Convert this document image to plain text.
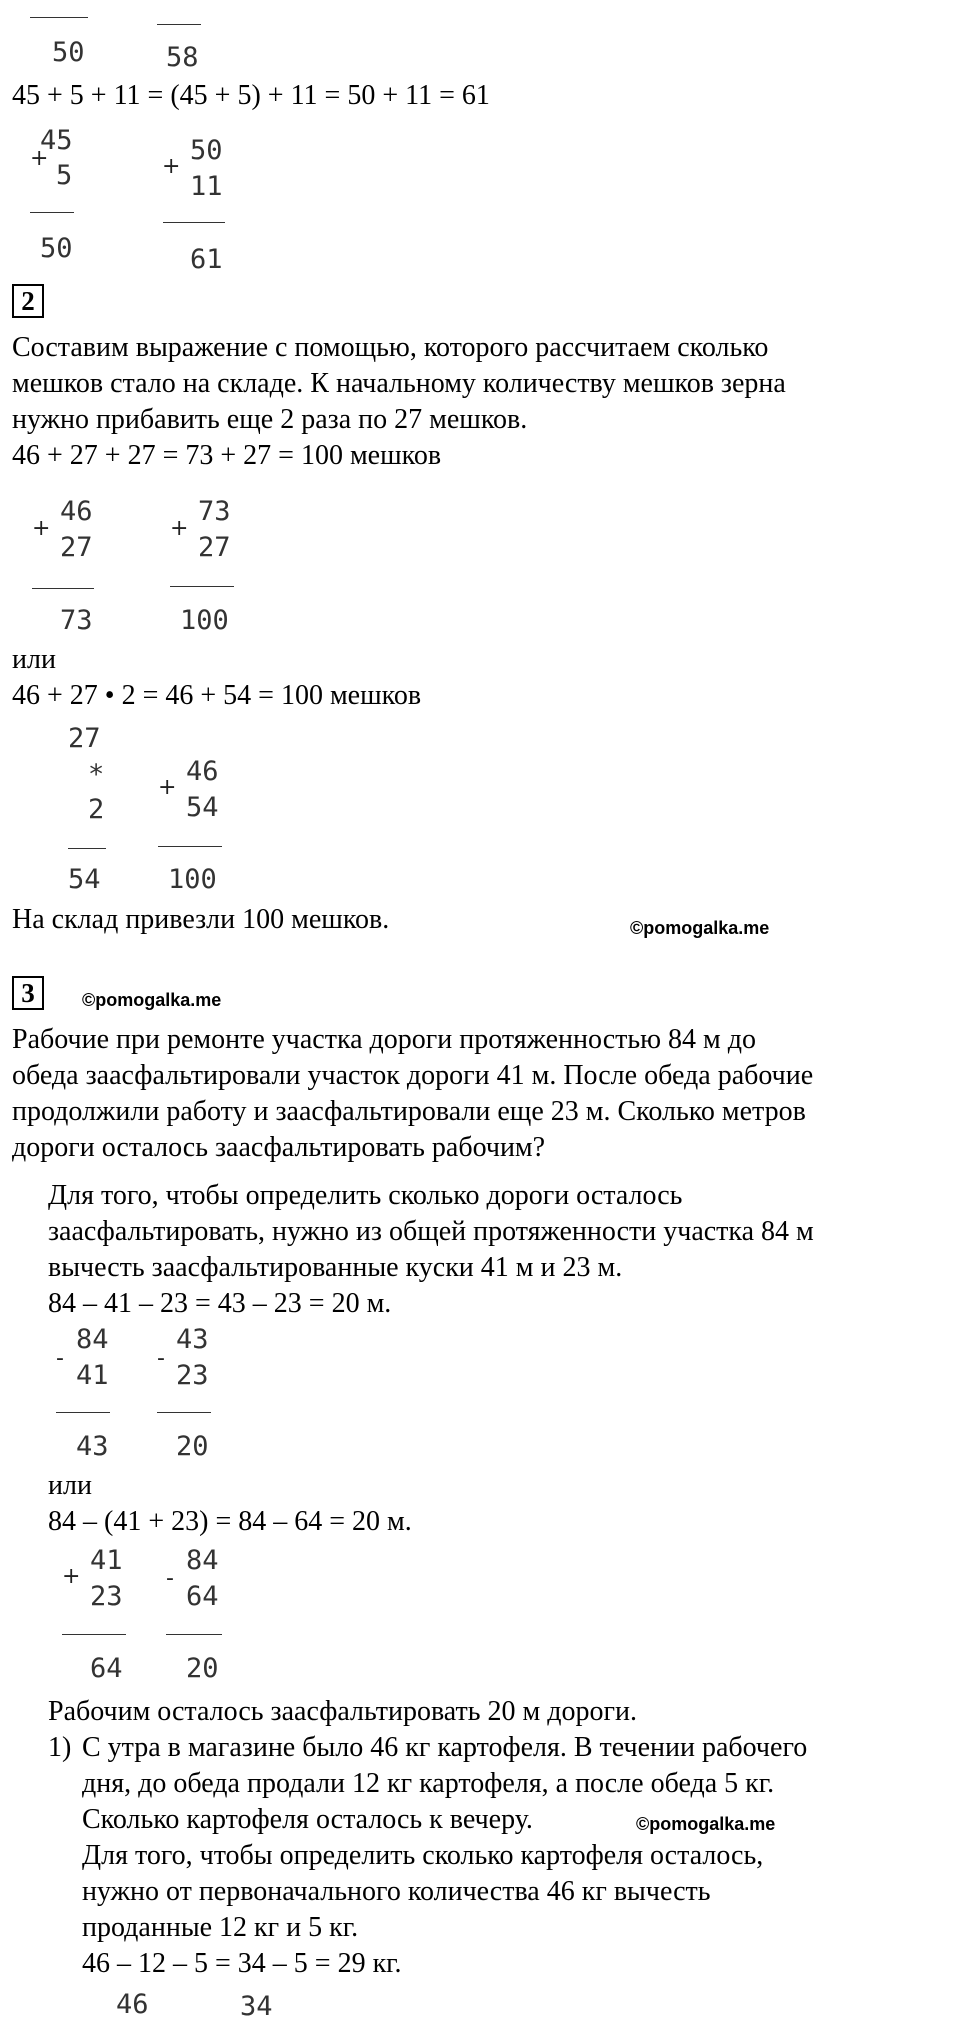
50	58
45 + 5 + 11 = (45 + 5) + 11 = 50 + 11 = 61
+
45
5
50
+
50
11
61
2
Составим выражение с помощью, которого рассчитаем сколько
мешков стало на складе. К начальному количеству мешков зерна
нужно прибавить еще 2 раза по 27 мешков.
46 + 27 + 27 = 73 + 27 = 100 мешков
+
46
27
73
+
73
27
100
или
46 + 27 • 2 = 46 + 54 = 100 мешков
27
*
2
54
+
46
54
100
На склад привезли 100 мешков.	©pomogalka.me
3	©pomogalka.me
Рабочие при ремонте участка дороги протяженностью 84 м до
обеда заасфальтировали участок дороги 41 м. После обеда рабочие
продолжили работу и заасфальтировали еще 23 м. Сколько метров
дороги осталось заасфальтировать рабочим?
Для того, чтобы определить сколько дороги осталось
заасфальтировать, нужно из общей протяженности участка 84 м
вычесть заасфальтированные куски 41 м и 23 м.
84 – 41 – 23 = 43 – 23 = 20 м.
-
84
41
43
-
43
23
20
или
84 – (41 + 23) = 84 – 64 = 20 м.
+
41
23
64
-
84
64
20
Рабочим осталось заасфальтировать 20 м дороги.
1) С утра в магазине было 46 кг картофеля. В течении рабочего
дня, до обеда продали 12 кг картофеля, а после обеда 5 кг.
Сколько картофеля осталось к вечеру.	©pomogalka.me
Для того, чтобы определить сколько картофеля осталось,
нужно от первоначального количества 46 кг вычесть
проданные 12 кг и 5 кг.
46 – 12 – 5 = 34 – 5 = 29 кг.
46	34
